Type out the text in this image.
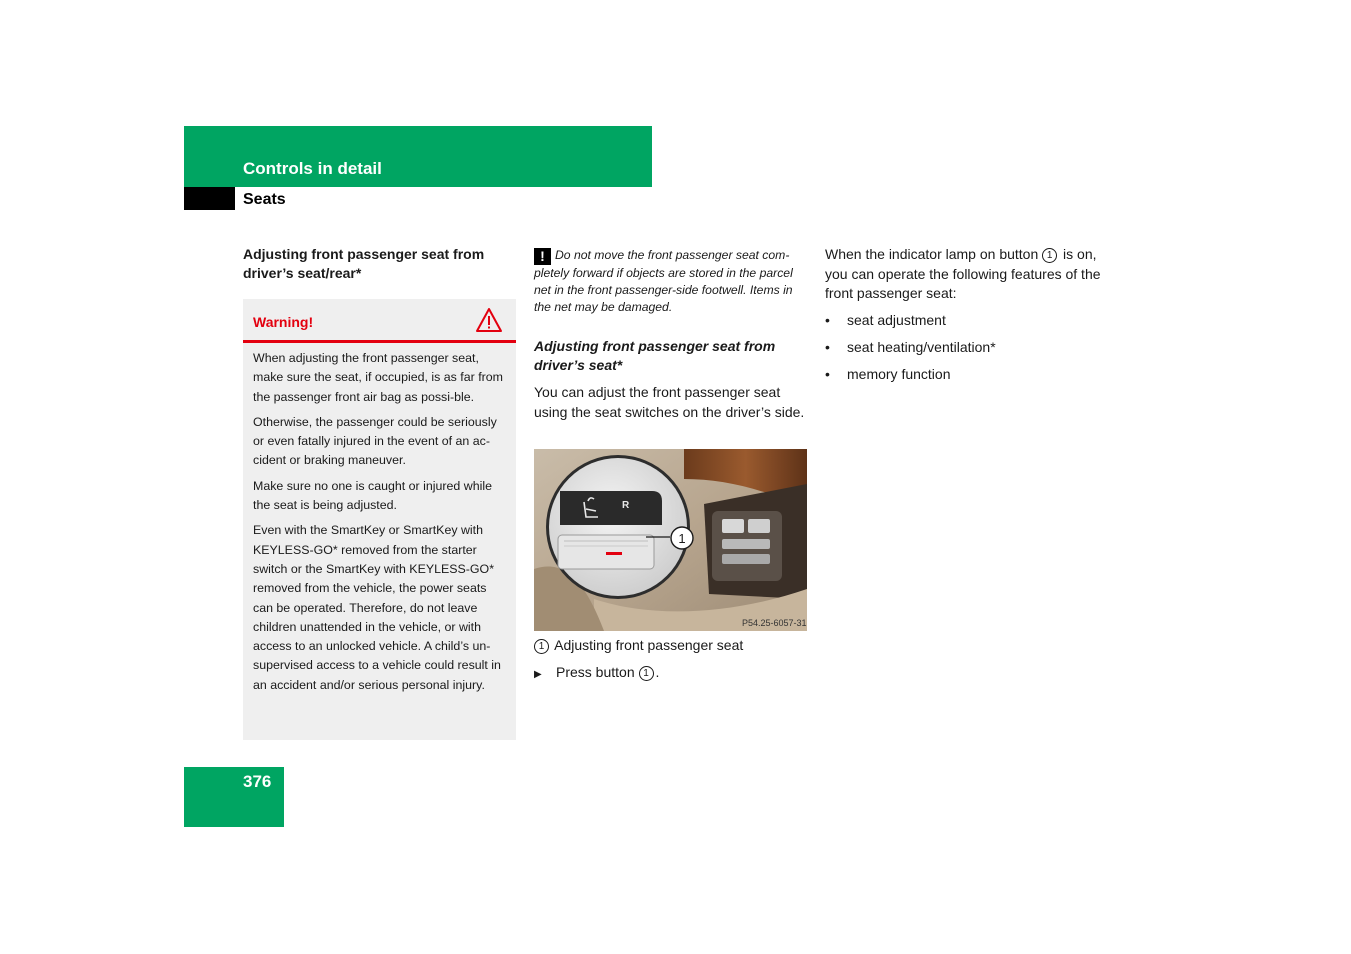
Controls in detail
Seats
Adjusting front passenger seat from driver’s seat/rear*
Warning!

When adjusting the front passenger seat, make sure the seat, if occupied, is as far from the passenger front air bag as possi-ble.

Otherwise, the passenger could be seriously or even fatally injured in the event of an ac-cident or braking maneuver.

Make sure no one is caught or injured while the seat is being adjusted.

Even with the SmartKey or SmartKey with KEYLESS-GO* removed from the starter switch or the SmartKey with KEYLESS-GO* removed from the vehicle, the power seats can be operated. Therefore, do not leave children unattended in the vehicle, or with access to an unlocked vehicle. A child’s un-supervised access to a vehicle could result in an accident and/or serious personal injury.

! Do not move the front passenger seat com-pletely forward if objects are stored in the parcel net in the front passenger-side footwell. Items in the net may be damaged.
Adjusting front passenger seat from driver’s seat*
You can adjust the front passenger seat using the seat switches on the driver’s side.
R
1
P54.25-6057-31
1 Adjusting front passenger seat
▶ Press button 1 .
When the indicator lamp on button 1 is on, you can operate the following features of the front passenger seat:
• seat adjustment
• seat heating/ventilation*
• memory function
376
